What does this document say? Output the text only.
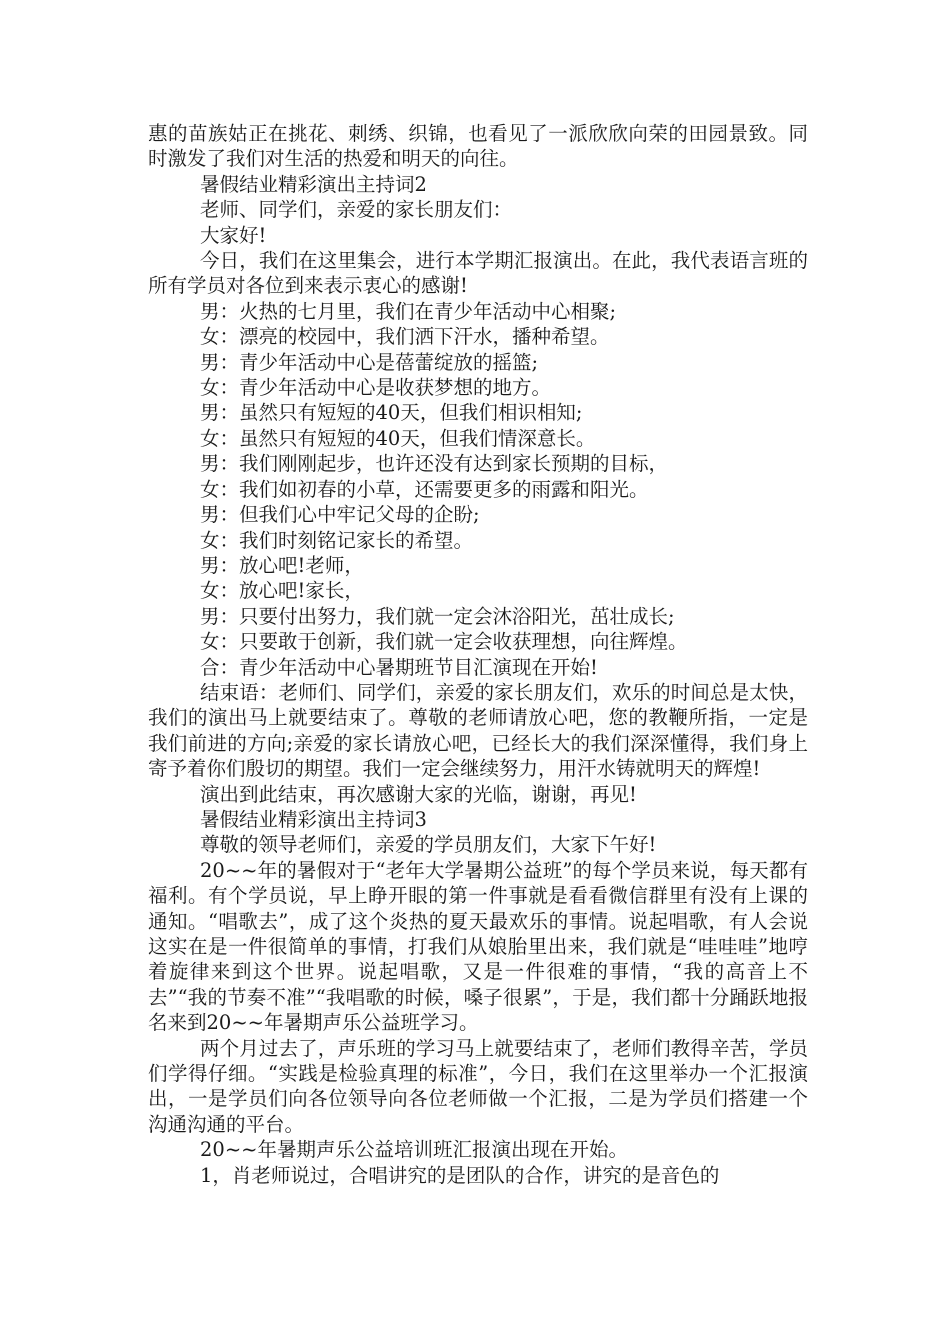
惠的苗族姑正在挑花、刺绣、织锦，也看见了一派欣欣向荣的田园景致。同时激发了我们对生活的热爱和明天的向往。

暑假结业精彩演出主持词2

老师、同学们，亲爱的家长朋友们：

大家好!

今日，我们在这里集会，进行本学期汇报演出。在此，我代表语言班的所有学员对各位到来表示衷心的感谢!

男：火热的七月里，我们在青少年活动中心相聚;

女：漂亮的校园中，我们洒下汗水，播种希望。

男：青少年活动中心是蓓蕾绽放的摇篮;

女：青少年活动中心是收获梦想的地方。

男：虽然只有短短的40天，但我们相识相知;

女：虽然只有短短的40天，但我们情深意长。

男：我们刚刚起步，也许还没有达到家长预期的目标，

女：我们如初春的小草，还需要更多的雨露和阳光。

男：但我们心中牢记父母的企盼;

女：我们时刻铭记家长的希望。

男：放心吧!老师，

女：放心吧!家长，

男：只要付出努力，我们就一定会沐浴阳光，茁壮成长;

女：只要敢于创新，我们就一定会收获理想，向往辉煌。

合：青少年活动中心暑期班节目汇演现在开始!

结束语：老师们、同学们，亲爱的家长朋友们，欢乐的时间总是太快，我们的演出马上就要结束了。尊敬的老师请放心吧，您的教鞭所指，一定是我们前进的方向;亲爱的家长请放心吧，已经长大的我们深深懂得，我们身上寄予着你们殷切的期望。我们一定会继续努力，用汗水铸就明天的辉煌!

演出到此结束，再次感谢大家的光临，谢谢，再见!

暑假结业精彩演出主持词3

尊敬的领导老师们，亲爱的学员朋友们，大家下午好!

20~~年的暑假对于“老年大学暑期公益班”的每个学员来说，每天都有福利。有个学员说，早上睁开眼的第一件事就是看看微信群里有没有上课的通知。“唱歌去”，成了这个炎热的夏天最欢乐的事情。说起唱歌，有人会说这实在是一件很简单的事情，打我们从娘胎里出来，我们就是“哇哇哇”地哼着旋律来到这个世界。说起唱歌，又是一件很难的事情，“我的高音上不去”“我的节奏不准”“我唱歌的时候，嗓子很累”，于是，我们都十分踊跃地报名来到20~~年暑期声乐公益班学习。

两个月过去了，声乐班的学习马上就要结束了，老师们教得辛苦，学员们学得仔细。“实践是检验真理的标准”，今日，我们在这里举办一个汇报演出，一是学员们向各位领导向各位老师做一个汇报，二是为学员们搭建一个沟通沟通的平台。

20~~年暑期声乐公益培训班汇报演出现在开始。

1，肖老师说过，合唱讲究的是团队的合作，讲究的是音色的
